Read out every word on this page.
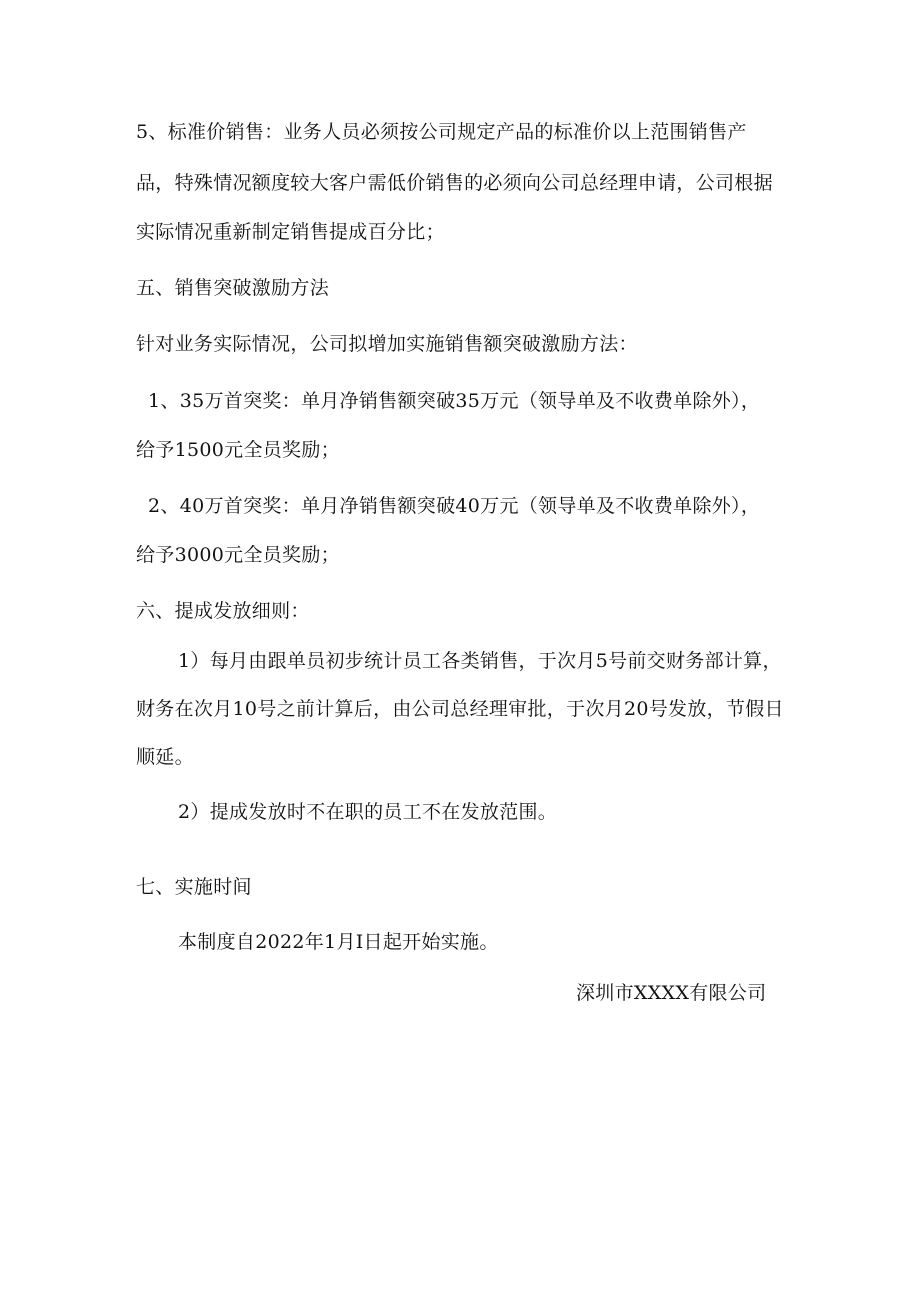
5、标准价销售：业务人员必须按公司规定产品的标准价以上范围销售产
品，特殊情况额度较大客户需低价销售的必须向公司总经理申请，公司根据
实际情况重新制定销售提成百分比；
五、销售突破激励方法
针对业务实际情况，公司拟增加实施销售额突破激励方法：
1、35万首突奖：单月净销售额突破35万元（领导单及不收费单除外），
给予1500元全员奖励；
2、40万首突奖：单月净销售额突破40万元（领导单及不收费单除外），
给予3000元全员奖励；
六、提成发放细则：
1）每月由跟单员初步统计员工各类销售，于次月5号前交财务部计算，
财务在次月10号之前计算后，由公司总经理审批，于次月20号发放，节假日
顺延。
2）提成发放时不在职的员工不在发放范围。
七、实施时间
本制度自2022年1月I日起开始实施。
深圳市XXXX有限公司
